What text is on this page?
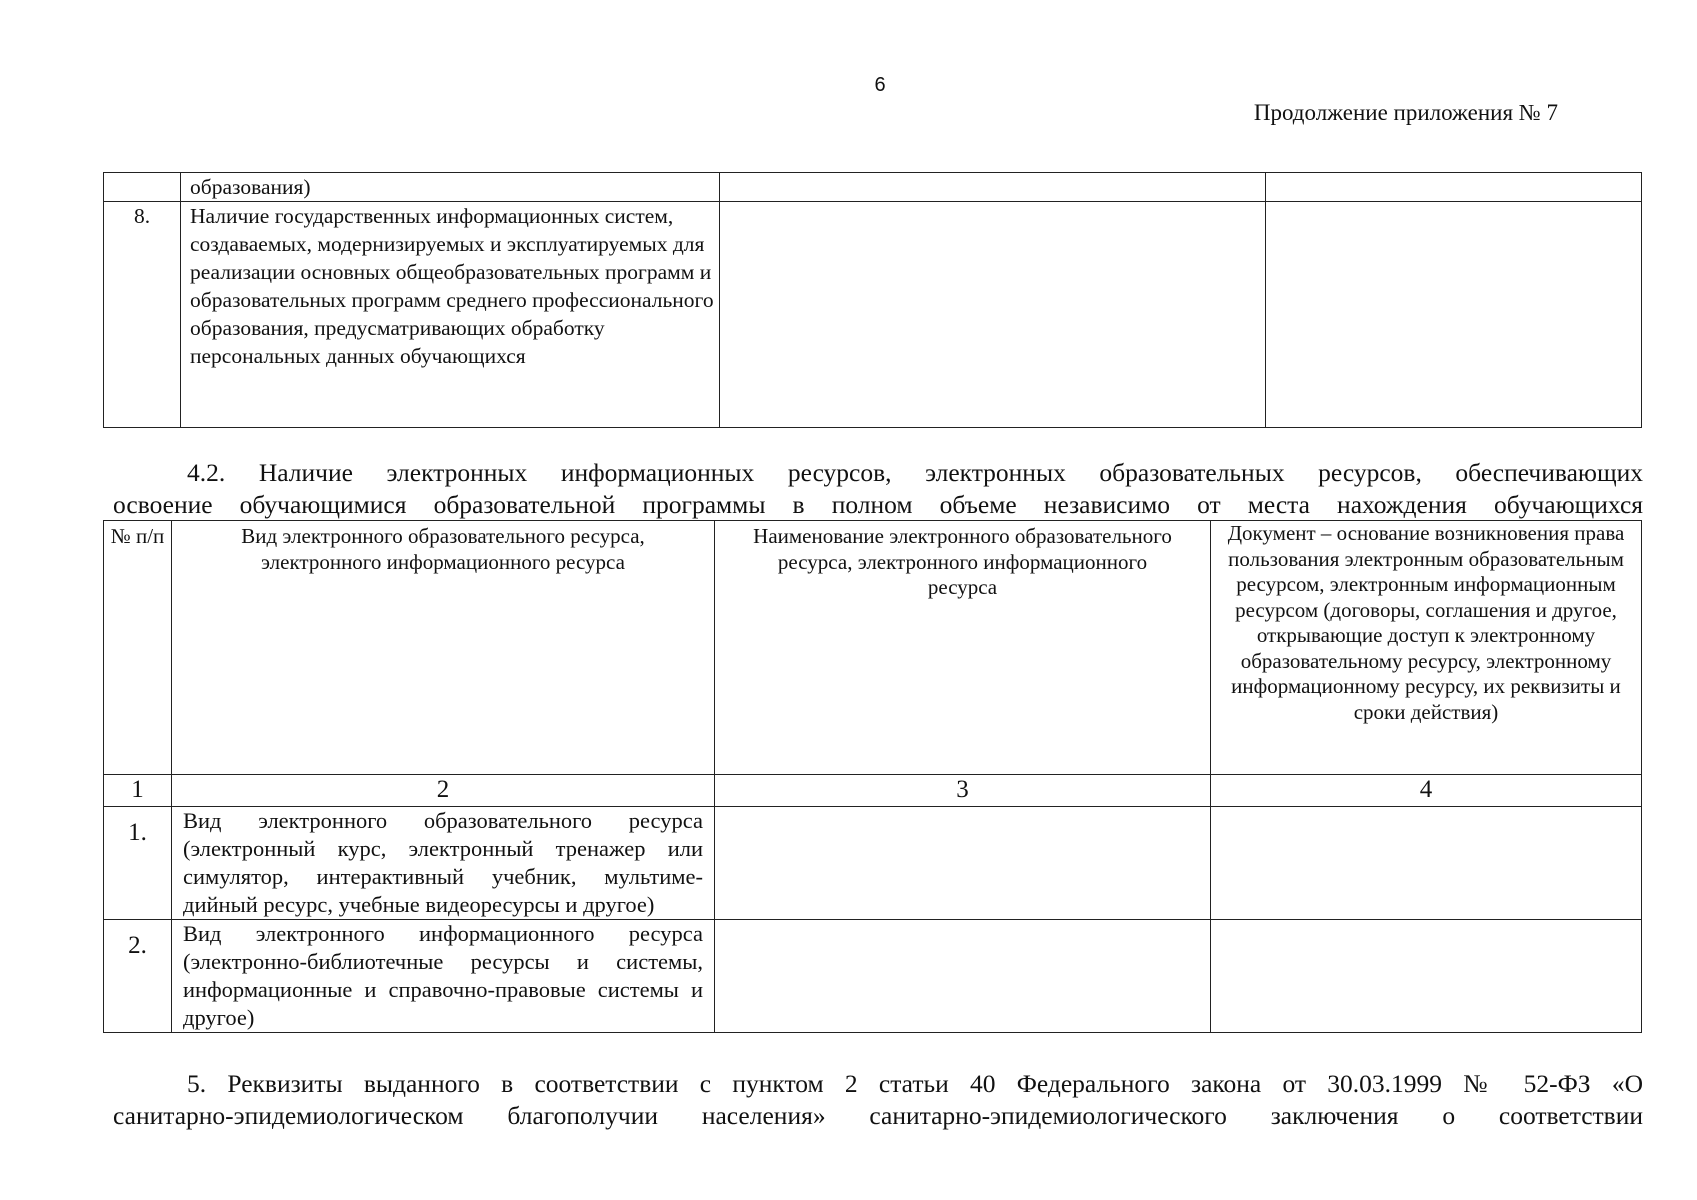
6
Продолжение приложения № 7
	образования)		
8.	Наличие государственных информационных систем, создаваемых, модернизируемых и эксплуатируемых для реализации основных общеобразовательных программ и образовательных программ среднего профессионального образования, предусматривающих обработку персональных данных обучающихся		
4.2. Наличие электронных информационных ресурсов, электронных образовательных ресурсов, обеспечивающих
освоение обучающимися образовательной программы в полном объеме независимо от места нахождения обучающихся
№ п/п	Вид электронного образовательного ресурса, электронного информационного ресурса	Наименование электронного образовательного ресурса, электронного информационного ресурса	Документ – основание возникновения права пользования электронным образовательным ресурсом, электронным информационным ресурсом (договоры, соглашения и другое, открывающие доступ к электронному образовательному ресурсу, электронному информационному ресурсу, их реквизиты и сроки действия)
1	2	3	4
1.	Вид электронного образовательного ресурса (электронный курс, электронный тренажер или симулятор, интерактивный учебник, мультиме-дийный ресурс, учебные видеоресурсы и другое)		
2.	Вид электронного информационного ресурса (электронно-библиотечные ресурсы и системы, информационные и справочно-правовые системы и другое)		
5. Реквизиты выданного в соответствии с пунктом 2 статьи 40 Федерального закона от 30.03.1999 № 52-ФЗ «О
санитарно-эпидемиологическом благополучии населения» санитарно-эпидемиологического заключения о соответствии
